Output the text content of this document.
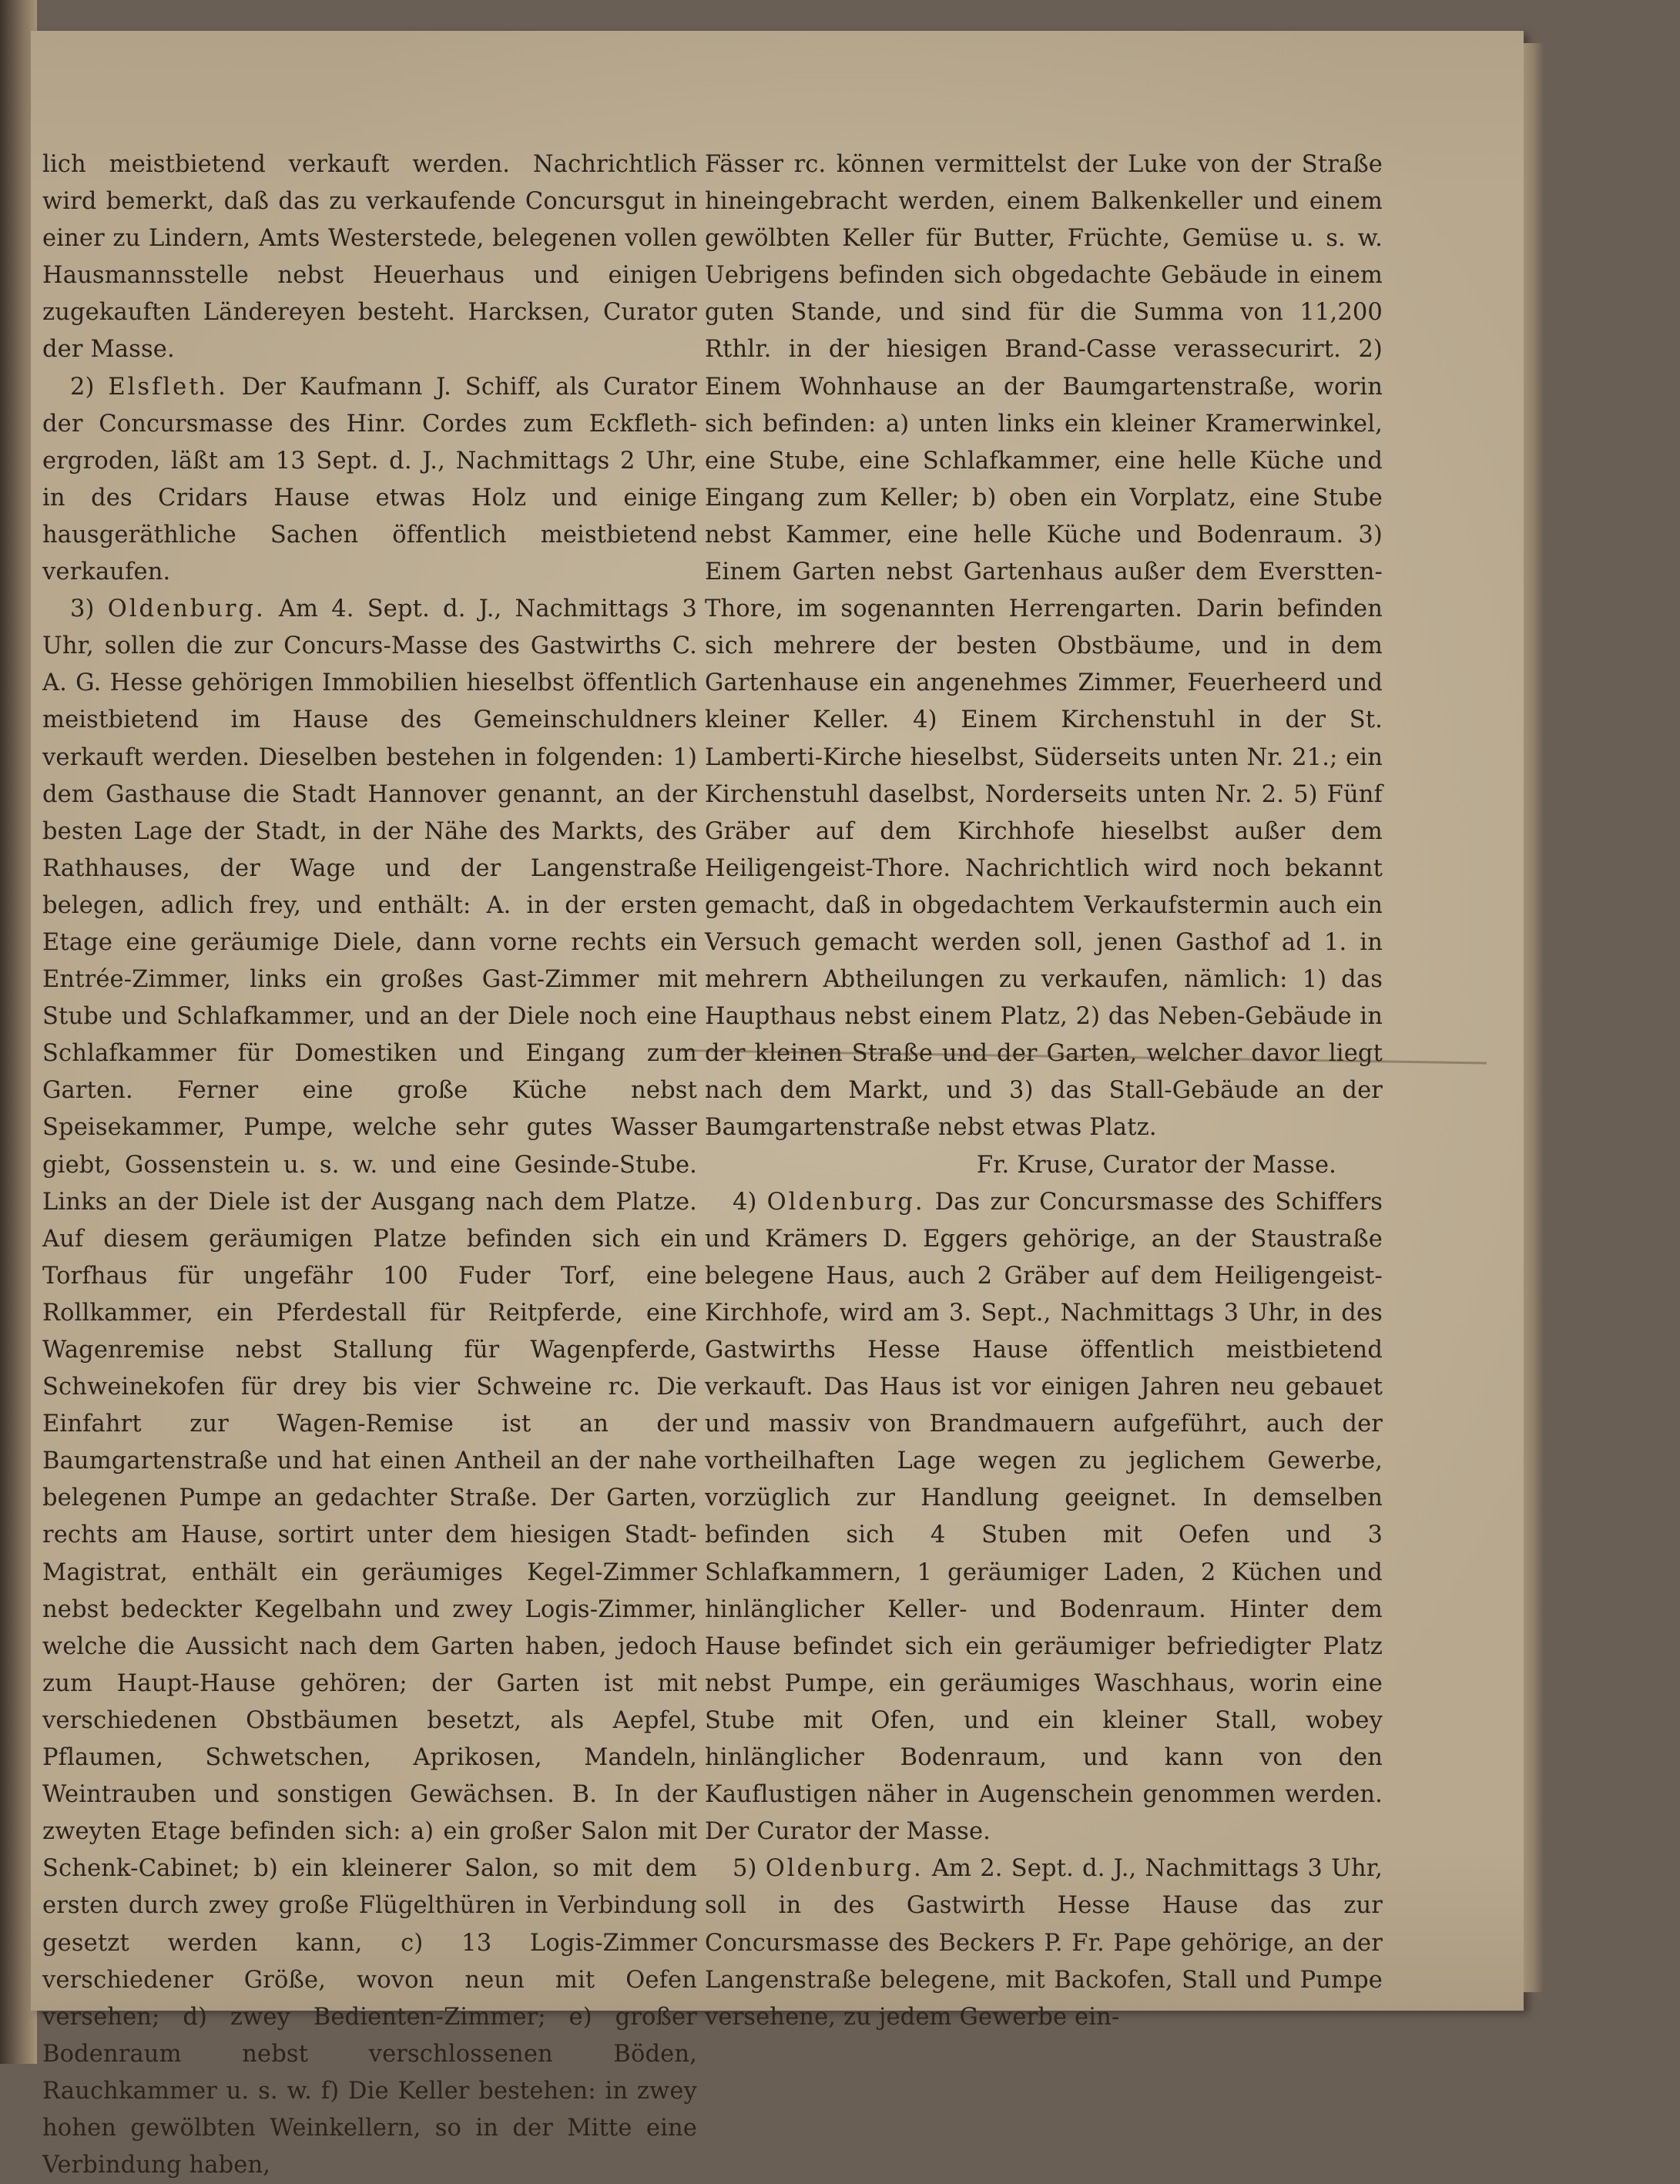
lich meistbietend verkauft werden. Nachrichtlich wird bemerkt, daß das zu verkaufende Concursgut in einer zu Lindern, Amts Westerstede, belegenen vollen Hausmannsstelle nebst Heuerhaus und einigen zugekauften Ländereyen besteht. Harcksen, Curator der Masse.

2) Elsfleth. Der Kaufmann J. Schiff, als Curator der Concursmasse des Hinr. Cordes zum Eckflethergroden, läßt am 13 Sept. d. J., Nachmittags 2 Uhr, in des Cridars Hause etwas Holz und einige hausgeräthliche Sachen öffentlich meistbietend verkaufen.

3) Oldenburg. Am 4. Sept. d. J., Nachmittags 3 Uhr, sollen die zur Concurs-Masse des Gastwirths C. A. G. Hesse gehörigen Immobilien hieselbst öffentlich meistbietend im Hause des Gemeinschuldners verkauft werden. Dieselben bestehen in folgenden: 1) dem Gasthause die Stadt Hannover genannt, an der besten Lage der Stadt, in der Nähe des Markts, des Rathhauses, der Wage und der Langenstraße belegen, adlich frey, und enthält: A. in der ersten Etage eine geräumige Diele, dann vorne rechts ein Entrée-Zimmer, links ein großes Gast-Zimmer mit Stube und Schlafkammer, und an der Diele noch eine Schlafkammer für Domestiken und Eingang zum Garten. Ferner eine große Küche nebst Speisekammer, Pumpe, welche sehr gutes Wasser giebt, Gossenstein u. s. w. und eine Gesinde-Stube. Links an der Diele ist der Ausgang nach dem Platze. Auf diesem geräumigen Platze befinden sich ein Torfhaus für ungefähr 100 Fuder Torf, eine Rollkammer, ein Pferdestall für Reitpferde, eine Wagenremise nebst Stallung für Wagenpferde, Schweinekofen für drey bis vier Schweine rc. Die Einfahrt zur Wagen-Remise ist an der Baumgartenstraße und hat einen Antheil an der nahe belegenen Pumpe an gedachter Straße. Der Garten, rechts am Hause, sortirt unter dem hiesigen Stadt-Magistrat, enthält ein geräumiges Kegel-Zimmer nebst bedeckter Kegelbahn und zwey Logis-Zimmer, welche die Aussicht nach dem Garten haben, jedoch zum Haupt-Hause gehören; der Garten ist mit verschiedenen Obstbäumen besetzt, als Aepfel, Pflaumen, Schwetschen, Aprikosen, Mandeln, Weintrauben und sonstigen Gewächsen. B. In der zweyten Etage befinden sich: a) ein großer Salon mit Schenk-Cabinet; b) ein kleinerer Salon, so mit dem ersten durch zwey große Flügelthüren in Verbindung gesetzt werden kann, c) 13 Logis-Zimmer verschiedener Größe, wovon neun mit Oefen versehen; d) zwey Bedienten-Zimmer; e) großer Bodenraum nebst verschlossenen Böden, Rauchkammer u. s. w. f) Die Keller bestehen: in zwey hohen gewölbten Weinkellern, so in der Mitte eine Verbindung haben,

Fässer rc. können vermittelst der Luke von der Straße hineingebracht werden, einem Balkenkeller und einem gewölbten Keller für Butter, Früchte, Gemüse u. s. w. Uebrigens befinden sich obgedachte Gebäude in einem guten Stande, und sind für die Summa von 11,200 Rthlr. in der hiesigen Brand-Casse verassecurirt. 2) Einem Wohnhause an der Baumgartenstraße, worin sich befinden: a) unten links ein kleiner Kramerwinkel, eine Stube, eine Schlafkammer, eine helle Küche und Eingang zum Keller; b) oben ein Vorplatz, eine Stube nebst Kammer, eine helle Küche und Bodenraum. 3) Einem Garten nebst Gartenhaus außer dem Everstten-Thore, im sogenannten Herrengarten. Darin befinden sich mehrere der besten Obstbäume, und in dem Gartenhause ein angenehmes Zimmer, Feuerheerd und kleiner Keller. 4) Einem Kirchenstuhl in der St. Lamberti-Kirche hieselbst, Süderseits unten Nr. 21.; ein Kirchenstuhl daselbst, Norderseits unten Nr. 2. 5) Fünf Gräber auf dem Kirchhofe hieselbst außer dem Heiligengeist-Thore. Nachrichtlich wird noch bekannt gemacht, daß in obgedachtem Verkaufstermin auch ein Versuch gemacht werden soll, jenen Gasthof ad 1. in mehrern Abtheilungen zu verkaufen, nämlich: 1) das Haupthaus nebst einem Platz, 2) das Neben-Gebäude in der kleinen Straße und der Garten, welcher davor liegt nach dem Markt, und 3) das Stall-Gebäude an der Baumgartenstraße nebst etwas Platz.

Fr. Kruse, Curator der Masse.

4) Oldenburg. Das zur Concursmasse des Schiffers und Krämers D. Eggers gehörige, an der Staustraße belegene Haus, auch 2 Gräber auf dem Heiligengeist-Kirchhofe, wird am 3. Sept., Nachmittags 3 Uhr, in des Gastwirths Hesse Hause öffentlich meistbietend verkauft. Das Haus ist vor einigen Jahren neu gebauet und massiv von Brandmauern aufgeführt, auch der vortheilhaften Lage wegen zu jeglichem Gewerbe, vorzüglich zur Handlung geeignet. In demselben befinden sich 4 Stuben mit Oefen und 3 Schlafkammern, 1 geräumiger Laden, 2 Küchen und hinlänglicher Keller- und Bodenraum. Hinter dem Hause befindet sich ein geräumiger befriedigter Platz nebst Pumpe, ein geräumiges Waschhaus, worin eine Stube mit Ofen, und ein kleiner Stall, wobey hinlänglicher Bodenraum, und kann von den Kauflustigen näher in Augenschein genommen werden. Der Curator der Masse.

5) Oldenburg. Am 2. Sept. d. J., Nachmittags 3 Uhr, soll in des Gastwirth Hesse Hause das zur Concursmasse des Beckers P. Fr. Pape gehörige, an der Langenstraße belegene, mit Backofen, Stall und Pumpe versehene, zu jedem Gewerbe ein-
